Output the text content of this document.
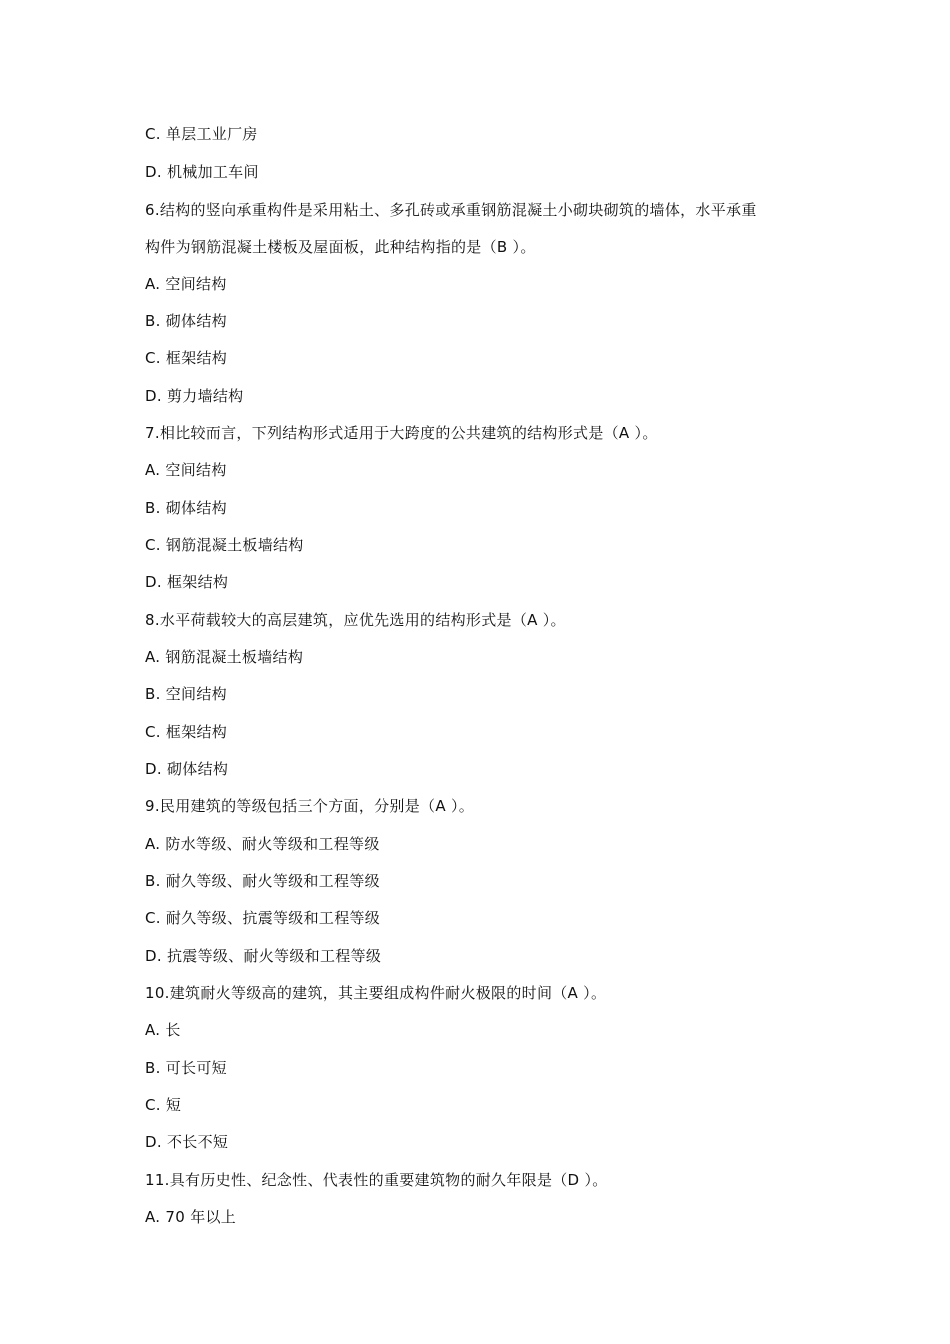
C. 单层工业厂房
D. 机械加工车间
6.结构的竖向承重构件是采用粘土、多孔砖或承重钢筋混凝土小砌块砌筑的墙体，水平承重
构件为钢筋混凝土楼板及屋面板，此种结构指的是（B ）。
A. 空间结构
B. 砌体结构
C. 框架结构
D. 剪力墙结构
7.相比较而言，下列结构形式适用于大跨度的公共建筑的结构形式是（A ）。
A. 空间结构
B. 砌体结构
C. 钢筋混凝土板墙结构
D. 框架结构
8.水平荷载较大的高层建筑，应优先选用的结构形式是（A ）。
A. 钢筋混凝土板墙结构
B. 空间结构
C. 框架结构
D. 砌体结构
9.民用建筑的等级包括三个方面，分别是（A ）。
A. 防水等级、耐火等级和工程等级
B. 耐久等级、耐火等级和工程等级
C. 耐久等级、抗震等级和工程等级
D. 抗震等级、耐火等级和工程等级
10.建筑耐火等级高的建筑，其主要组成构件耐火极限的时间（A ）。
A. 长
B. 可长可短
C. 短
D. 不长不短
11.具有历史性、纪念性、代表性的重要建筑物的耐久年限是（D ）。
A. 70 年以上
